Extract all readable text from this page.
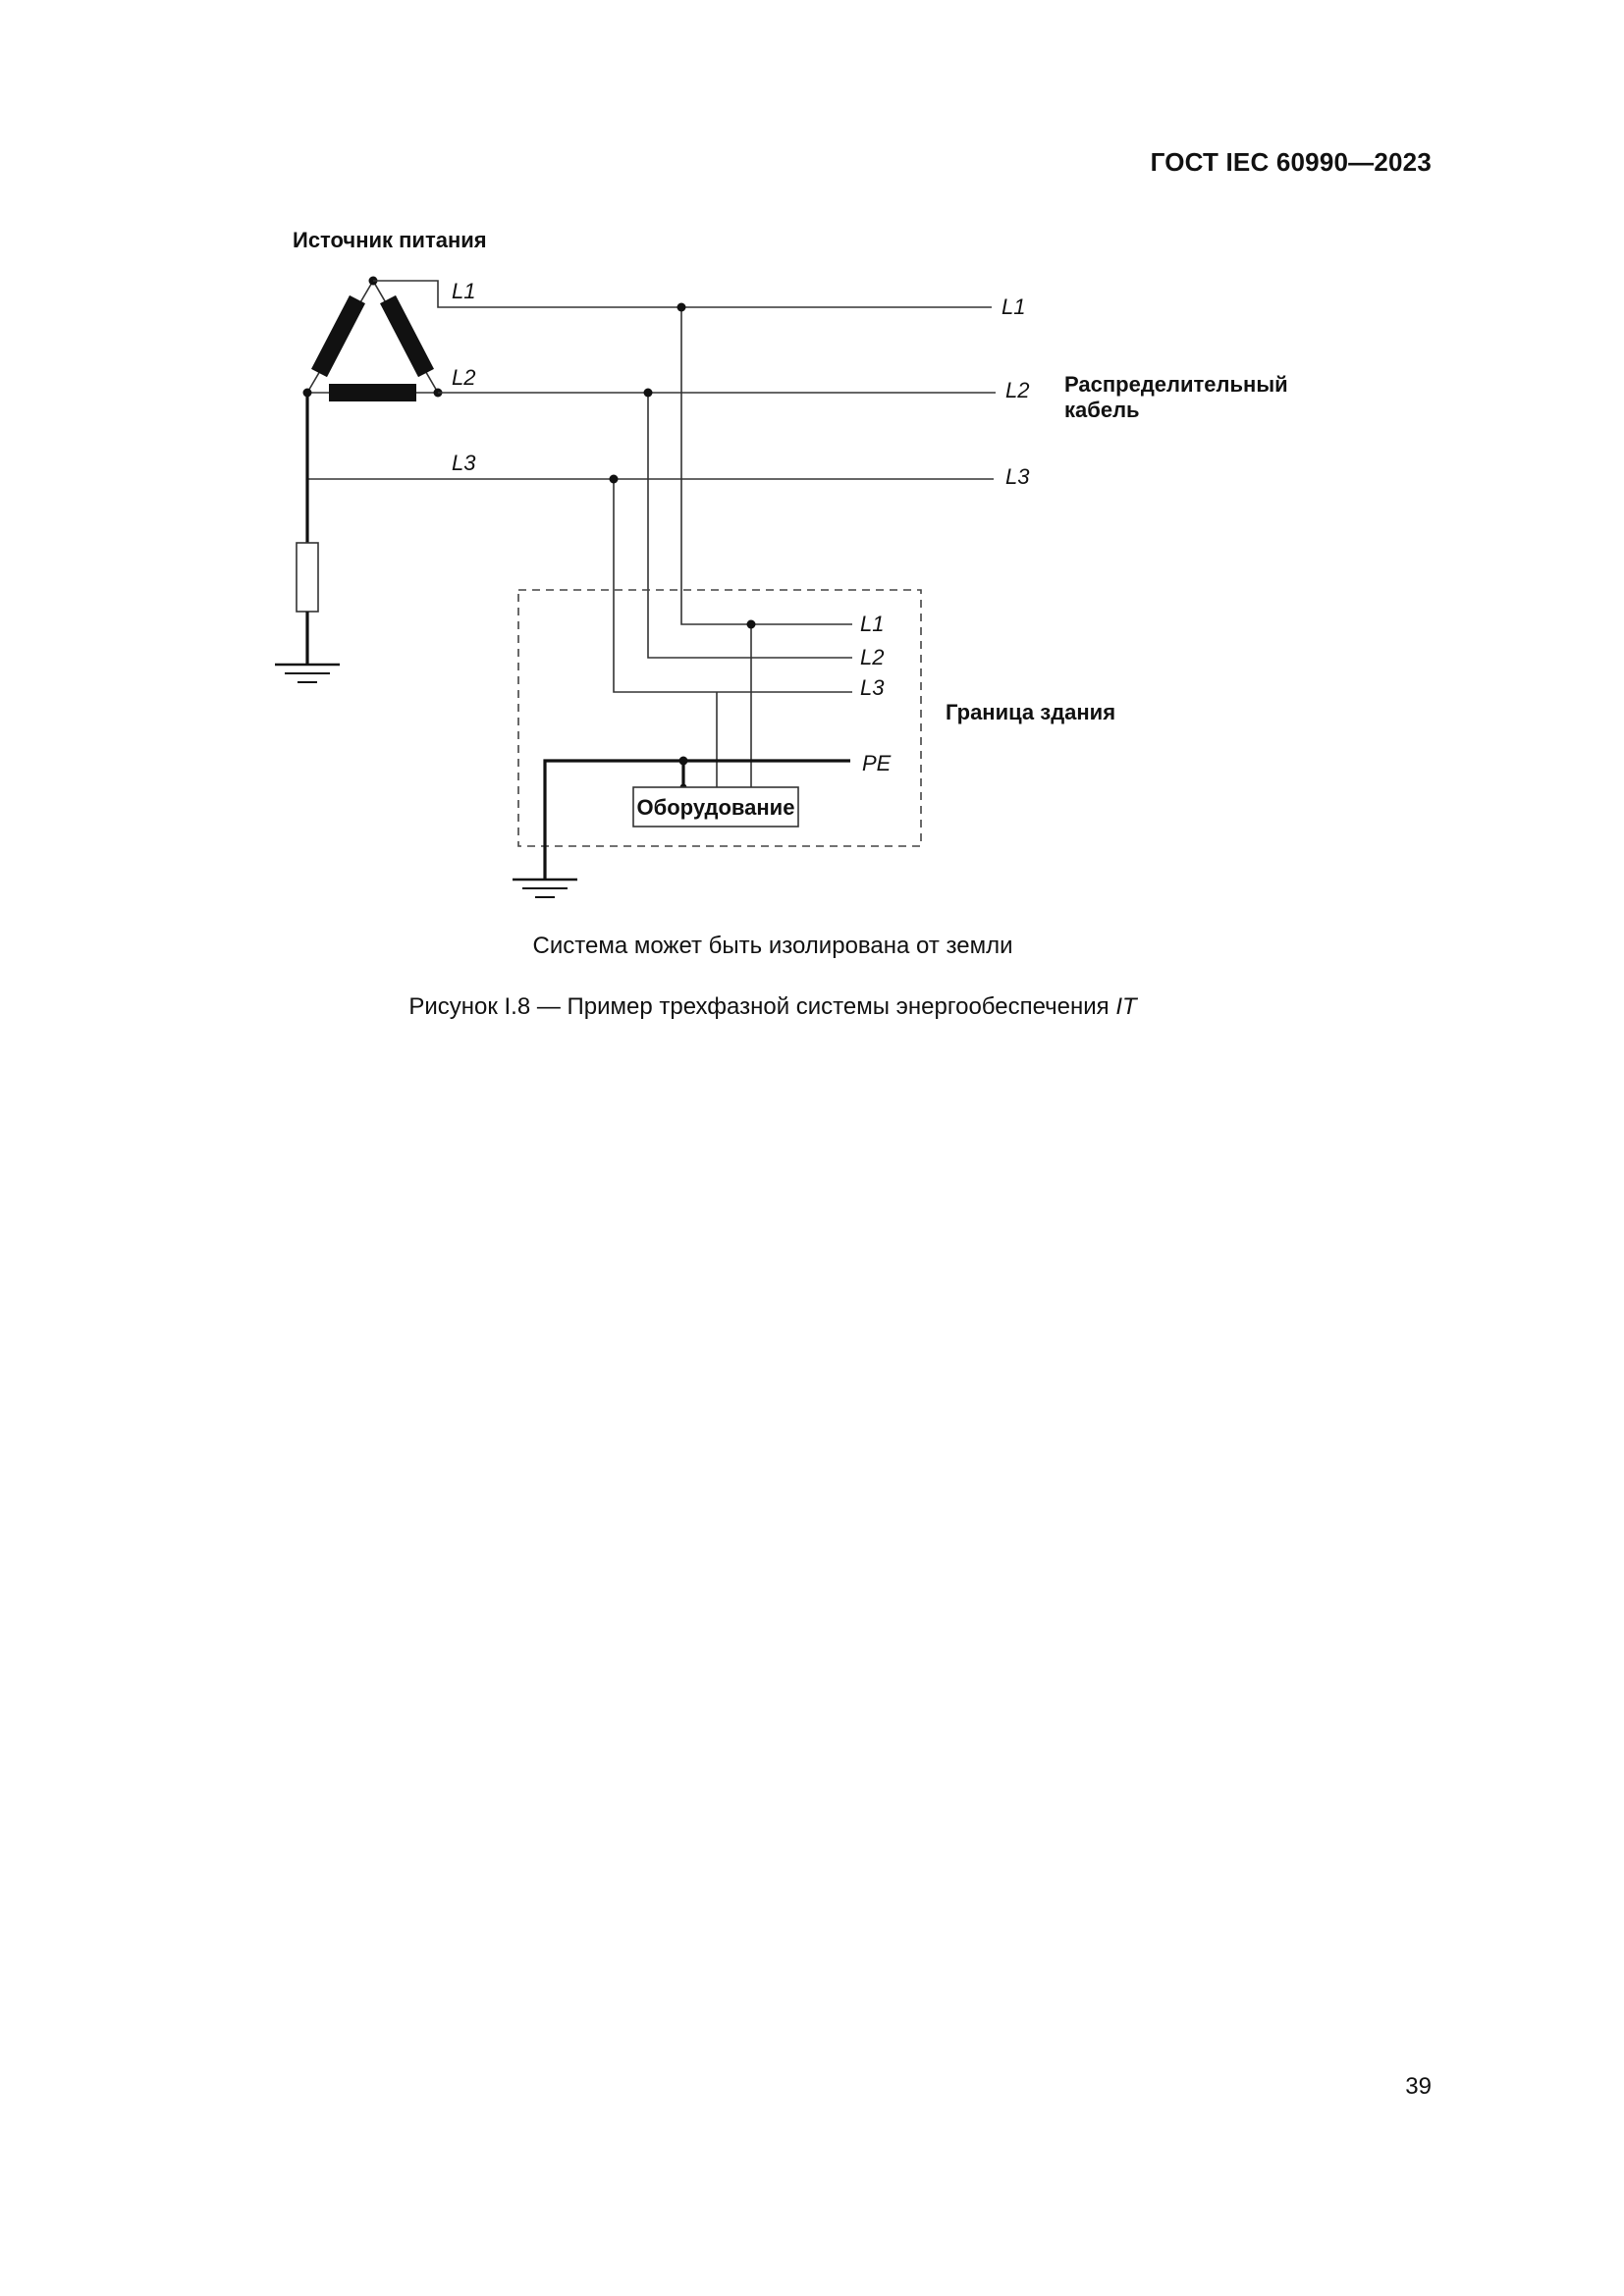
ГОСТ IEC 60990—2023
Источник питания
L1
L2
L3
L1
L2
L3
Распределительный
кабель
L1
L2
L3
PE
Граница здания
Оборудование
Система может быть изолирована от земли
Рисунок I.8 — Пример трехфазной системы энергообеспечения IT
39
